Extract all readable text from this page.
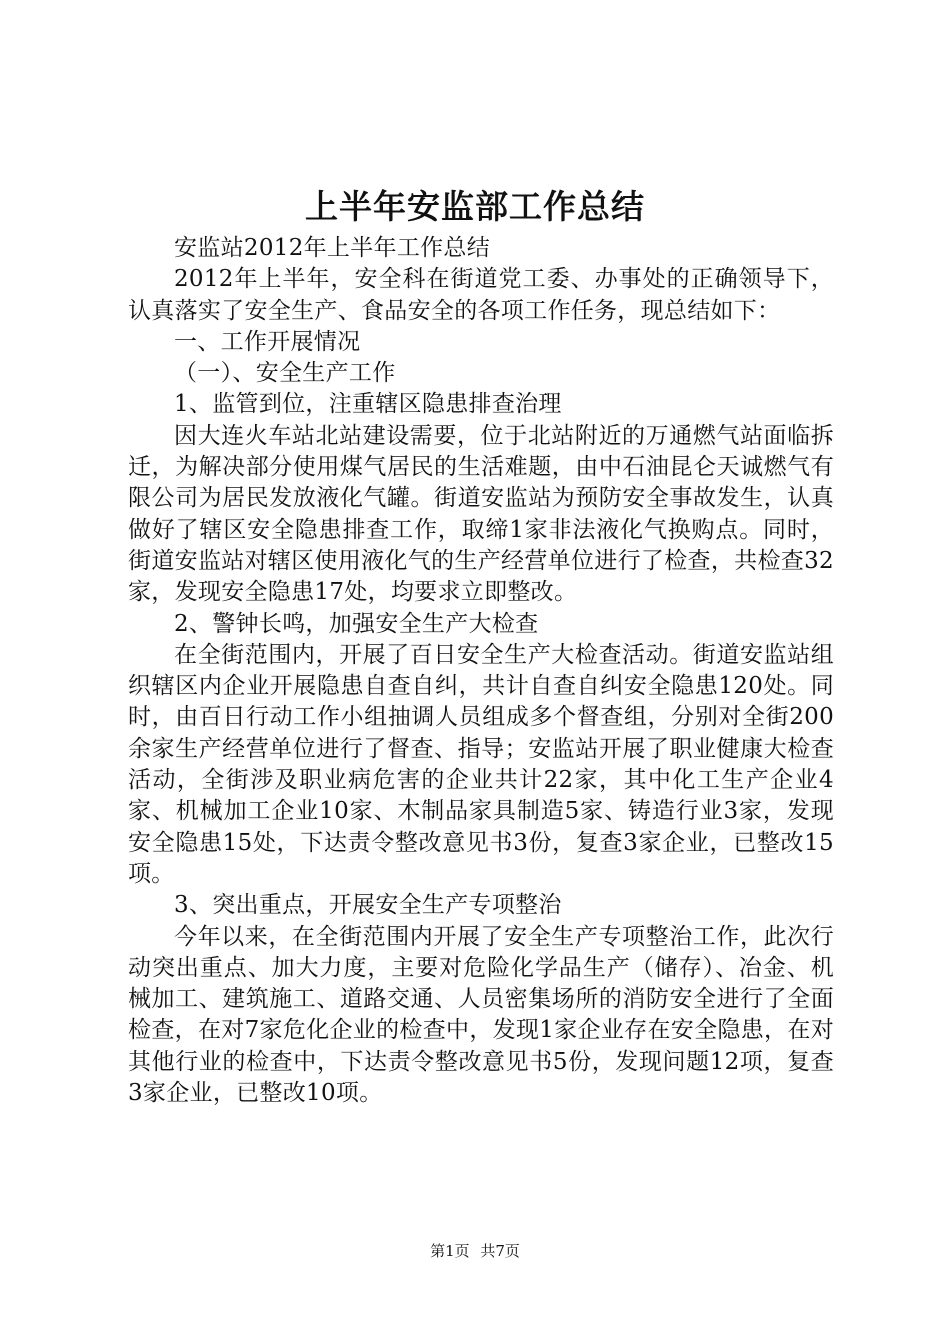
上半年安监部工作总结

安监站2012年上半年工作总结

2012年上半年，安全科在街道党工委、办事处的正确领导下，认真落实了安全生产、食品安全的各项工作任务，现总结如下：

一、工作开展情况

（一）、安全生产工作

1、监管到位，注重辖区隐患排查治理

因大连火车站北站建设需要，位于北站附近的万通燃气站面临拆迁，为解决部分使用煤气居民的生活难题，由中石油昆仑天诚燃气有限公司为居民发放液化气罐。街道安监站为预防安全事故发生，认真做好了辖区安全隐患排查工作，取缔1家非法液化气换购点。同时，街道安监站对辖区使用液化气的生产经营单位进行了检查，共检查32家，发现安全隐患17处，均要求立即整改。

2、警钟长鸣，加强安全生产大检查

在全街范围内，开展了百日安全生产大检查活动。街道安监站组织辖区内企业开展隐患自查自纠，共计自查自纠安全隐患120处。同时，由百日行动工作小组抽调人员组成多个督查组，分别对全街200余家生产经营单位进行了督查、指导；安监站开展了职业健康大检查活动，全街涉及职业病危害的企业共计22家，其中化工生产企业4家、机械加工企业10家、木制品家具制造5家、铸造行业3家，发现安全隐患15处，下达责令整改意见书3份，复查3家企业，已整改15项。

3、突出重点，开展安全生产专项整治

今年以来，在全街范围内开展了安全生产专项整治工作，此次行动突出重点、加大力度，主要对危险化学品生产（储存）、冶金、机械加工、建筑施工、道路交通、人员密集场所的消防安全进行了全面检查，在对7家危化企业的检查中，发现1家企业存在安全隐患，在对其他行业的检查中，下达责令整改意见书5份，发现问题12项，复查3家企业，已整改10项。

第1页 共7页
